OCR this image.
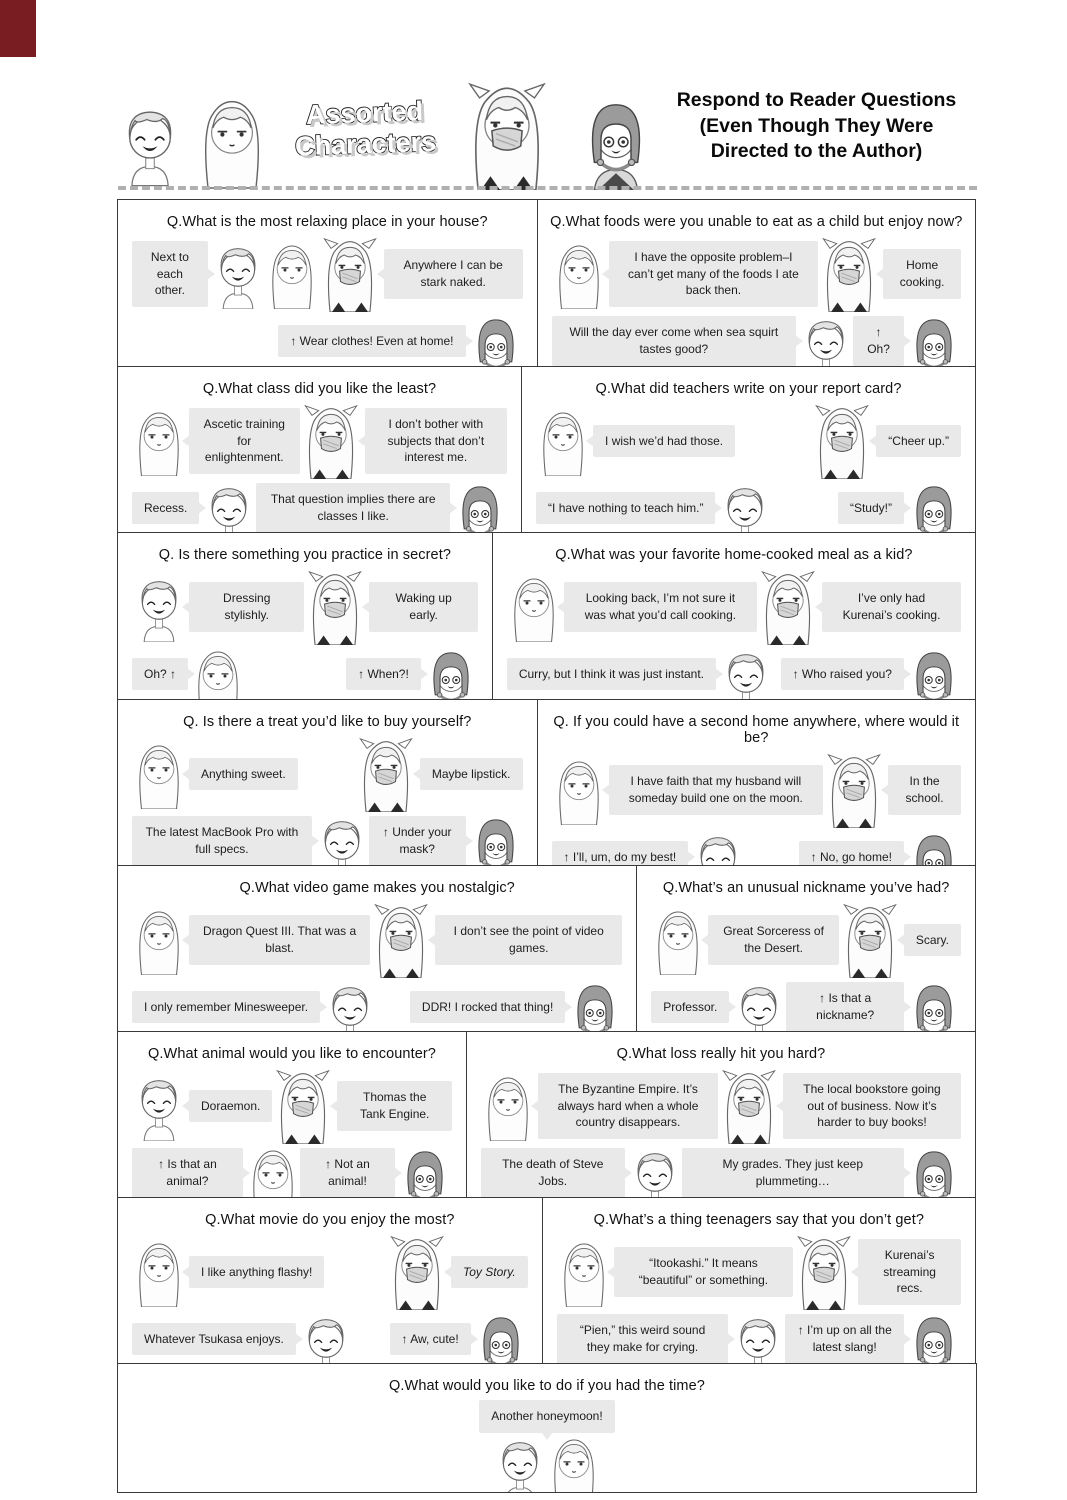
Assorted
Characters
Respond to Reader Questions
(Even Though They Were
Directed to the Author)
Q.What is the most relaxing place in your house?
Next to each other.
Anywhere I can be stark naked.
↑ Wear clothes! Even at home!
Q.What foods were you unable to eat as a child but enjoy now?
I have the opposite problem–I can’t get many of the foods I ate back then.
Home cooking.
Will the day ever come when sea squirt tastes good?
↑ Oh?
Q.What class did you like the least?
Ascetic training for enlightenment.
I don’t bother with subjects that don’t interest me.
Recess.
That question implies there are classes I like.
Q.What did teachers write on your report card?
I wish we’d had those.	“Cheer up.”
“I have nothing to teach him.”	“Study!”
Q. Is there something you practice in secret?
Dressing stylishly.
Waking up early.
Oh? ↑	↑ When?!
Q.What was your favorite home-cooked meal as a kid?
Looking back, I’m not sure it was what you’d call cooking.
I’ve only had Kurenai’s cooking.
Curry, but I think it was just instant.	↑ Who raised you?
Q. Is there a treat you’d like to buy yourself?
Anything sweet.	Maybe lipstick.
The latest MacBook Pro with full specs.
↑ Under your mask?
Q. If you could have a second home anywhere, where would it be?
I have faith that my husband will someday build one on the moon.
In the school.
↑ I’ll, um, do my best!	↑ No, go home!
Q.What video game makes you nostalgic?
Dragon Quest III. That was a blast.
I don’t see the point of video games.
I only remember Minesweeper.	DDR! I rocked that thing!
Q.What’s an unusual nickname you’ve had?
Great Sorceress of the Desert.
Scary.
Professor.
↑ Is that a nickname?
Q.What animal would you like to encounter?
Doraemon.
Thomas the Tank Engine.
↑ Is that an animal?
↑ Not an animal!
Q.What loss really hit you hard?
The Byzantine Empire. It’s always hard when a whole country disappears.
The local bookstore going out of business. Now it’s harder to buy books!
The death of Steve Jobs.
My grades. They just keep plummeting…
Q.What movie do you enjoy the most?
I like anything flashy!	Toy Story.
Whatever Tsukasa enjoys.	↑ Aw, cute!
Q.What’s a thing teenagers say that you don’t get?
“Itookashi.” It means “beautiful” or something.
Kurenai’s streaming recs.
“Pien,” this weird sound they make for crying.
↑ I’m up on all the latest slang!
Q.What would you like to do if you had the time?
Another honeymoon!
